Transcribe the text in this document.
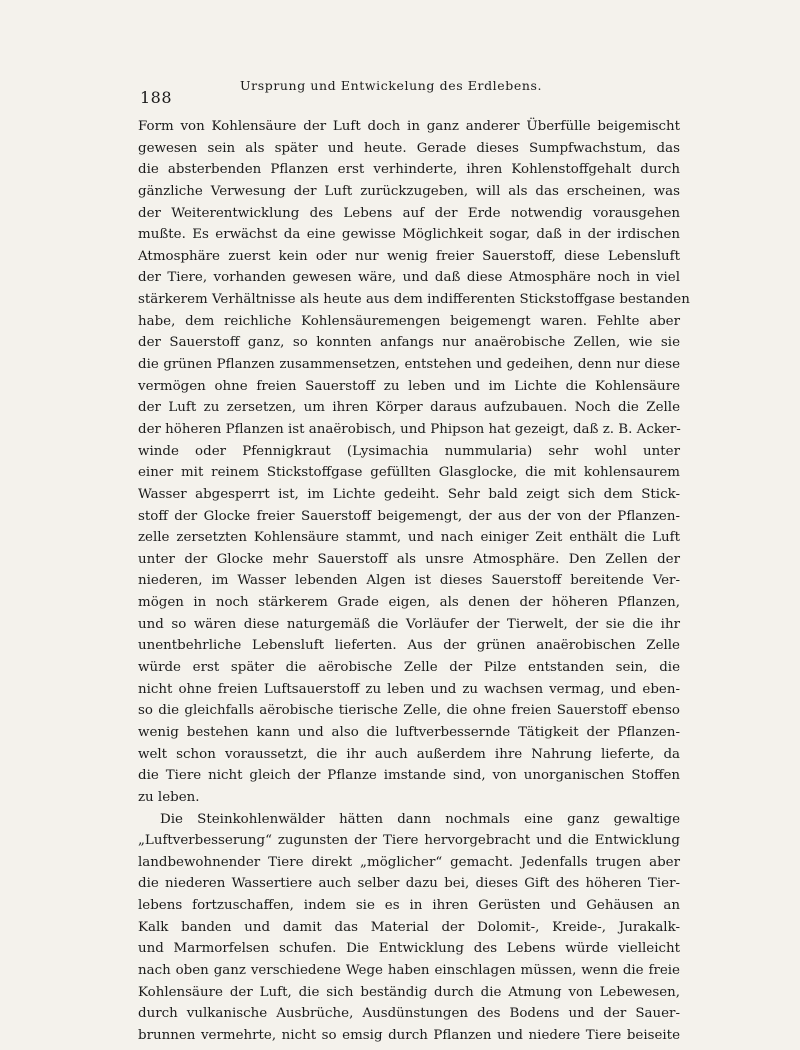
188
Ursprung und Entwickelung des Erdlebens.
Form von Kohlensäure der Luft doch in ganz anderer Überfülle beigemischt
gewesen sein als später und heute. Gerade dieses Sumpfwachstum, das
die absterbenden Pflanzen erst verhinderte, ihren Kohlenstoffgehalt durch
gänzliche Verwesung der Luft zurückzugeben, will als das erscheinen, was
der Weiterentwicklung des Lebens auf der Erde notwendig vorausgehen
mußte. Es erwächst da eine gewisse Möglichkeit sogar, daß in der irdischen
Atmosphäre zuerst kein oder nur wenig freier Sauerstoff, diese Lebensluft
der Tiere, vorhanden gewesen wäre, und daß diese Atmosphäre noch in viel
stärkerem Verhältnisse als heute aus dem indifferenten Stickstoffgase bestanden
habe, dem reichliche Kohlensäuremengen beigemengt waren. Fehlte aber
der Sauerstoff ganz, so konnten anfangs nur anaërobische Zellen, wie sie
die grünen Pflanzen zusammensetzen, entstehen und gedeihen, denn nur diese
vermögen ohne freien Sauerstoff zu leben und im Lichte die Kohlensäure
der Luft zu zersetzen, um ihren Körper daraus aufzubauen. Noch die Zelle
der höheren Pflanzen ist anaërobisch, und Phipson hat gezeigt, daß z. B. Acker-
winde oder Pfennigkraut (Lysimachia nummularia) sehr wohl unter
einer mit reinem Stickstoffgase gefüllten Glasglocke, die mit kohlensaurem
Wasser abgesperrt ist, im Lichte gedeiht. Sehr bald zeigt sich dem Stick-
stoff der Glocke freier Sauerstoff beigemengt, der aus der von der Pflanzen-
zelle zersetzten Kohlensäure stammt, und nach einiger Zeit enthält die Luft
unter der Glocke mehr Sauerstoff als unsre Atmosphäre. Den Zellen der
niederen, im Wasser lebenden Algen ist dieses Sauerstoff bereitende Ver-
mögen in noch stärkerem Grade eigen, als denen der höheren Pflanzen,
und so wären diese naturgemäß die Vorläufer der Tierwelt, der sie die ihr
unentbehrliche Lebensluft lieferten. Aus der grünen anaërobischen Zelle
würde erst später die aërobische Zelle der Pilze entstanden sein, die
nicht ohne freien Luftsauerstoff zu leben und zu wachsen vermag, und eben-
so die gleichfalls aërobische tierische Zelle, die ohne freien Sauerstoff ebenso
wenig bestehen kann und also die luftverbessernde Tätigkeit der Pflanzen-
welt schon voraussetzt, die ihr auch außerdem ihre Nahrung lieferte, da
die Tiere nicht gleich der Pflanze imstande sind, von unorganischen Stoffen
zu leben.
Die Steinkohlenwälder hätten dann nochmals eine ganz gewaltige
„Luftverbesserung“ zugunsten der Tiere hervorgebracht und die Entwicklung
landbewohnender Tiere direkt „möglicher“ gemacht. Jedenfalls trugen aber
die niederen Wassertiere auch selber dazu bei, dieses Gift des höheren Tier-
lebens fortzuschaffen, indem sie es in ihren Gerüsten und Gehäusen an
Kalk banden und damit das Material der Dolomit-, Kreide-, Jurakalk-
und Marmorfelsen schufen. Die Entwicklung des Lebens würde vielleicht
nach oben ganz verschiedene Wege haben einschlagen müssen, wenn die freie
Kohlensäure der Luft, die sich beständig durch die Atmung von Lebewesen,
durch vulkanische Ausbrüche, Ausdünstungen des Bodens und der Sauer-
brunnen vermehrte, nicht so emsig durch Pflanzen und niedere Tiere beiseite
